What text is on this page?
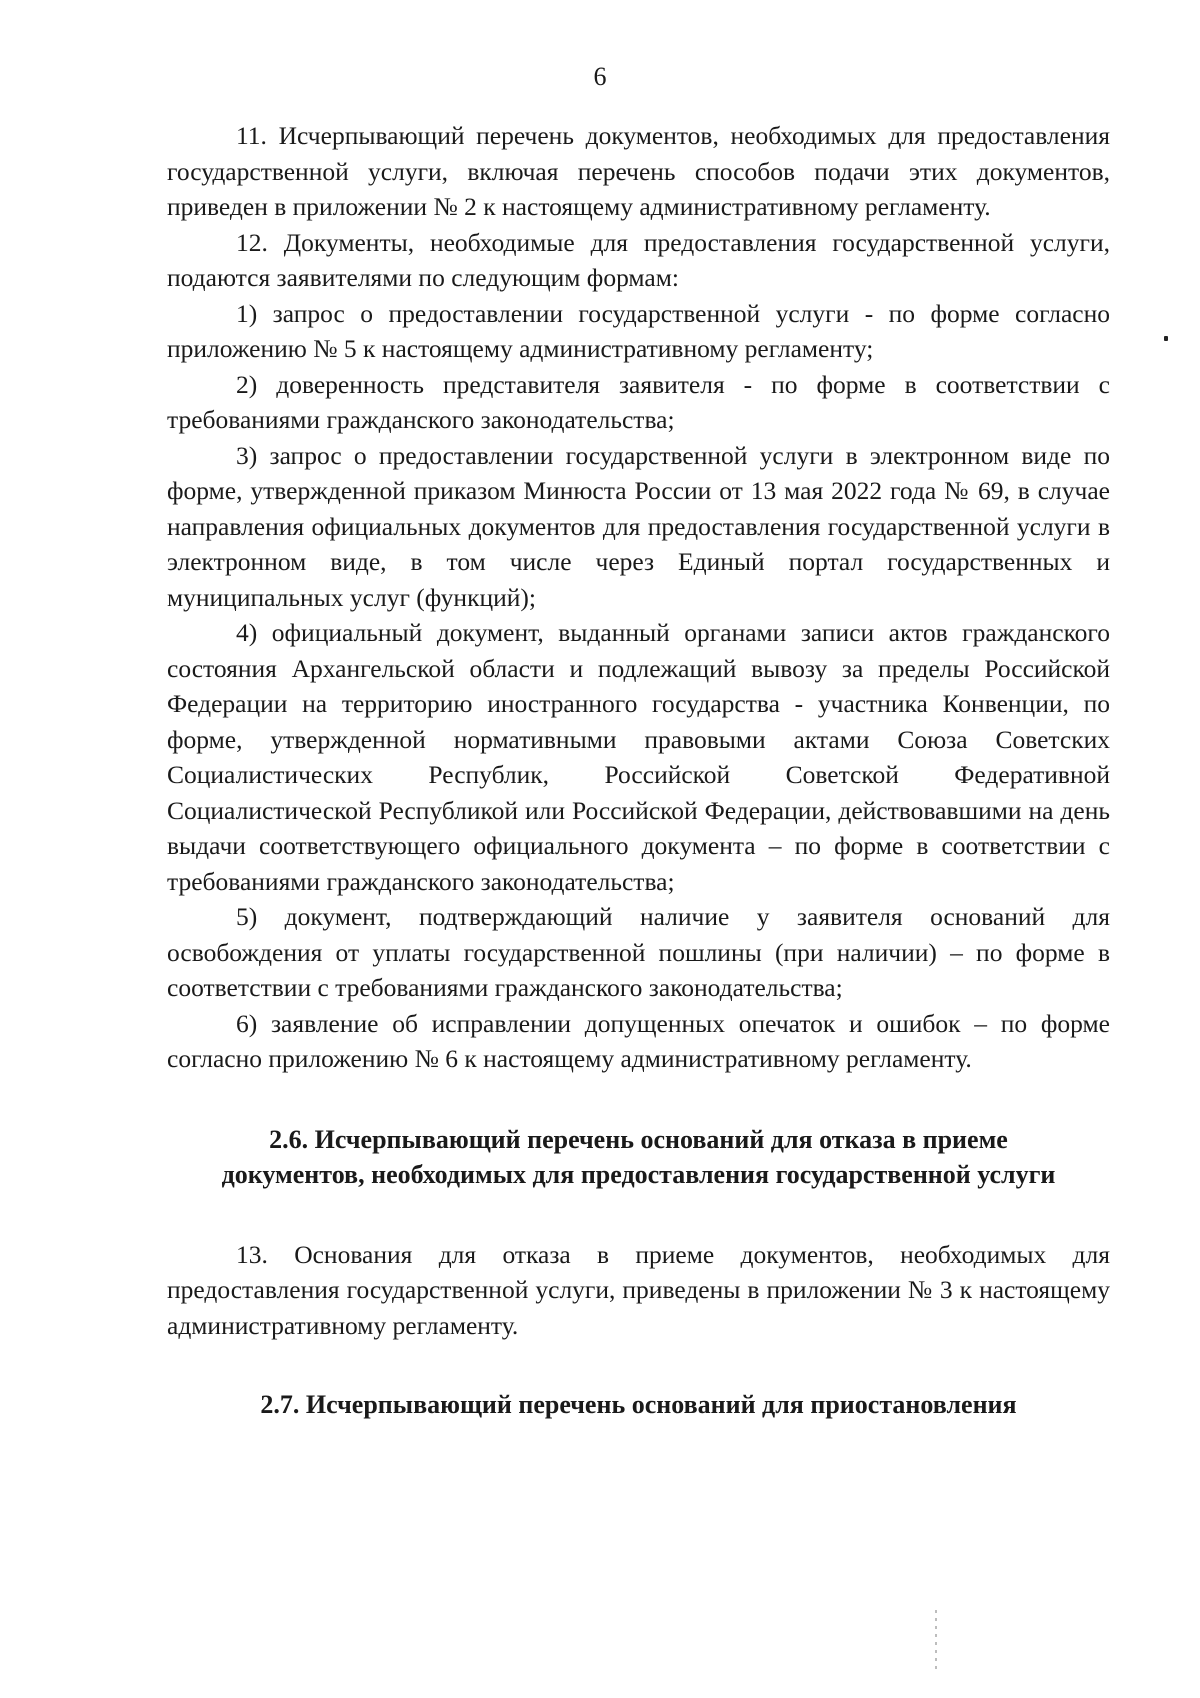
6

11. Исчерпывающий перечень документов, необходимых для предоставления государственной услуги, включая перечень способов подачи этих документов, приведен в приложении № 2 к настоящему административному регламенту.

12. Документы, необходимые для предоставления государственной услуги, подаются заявителями по следующим формам:

1) запрос о предоставлении государственной услуги - по форме согласно приложению № 5 к настоящему административному регламенту;

2) доверенность представителя заявителя - по форме в соответствии с требованиями гражданского законодательства;

3) запрос о предоставлении государственной услуги в электронном виде по форме, утвержденной приказом Минюста России от 13 мая 2022 года № 69, в случае направления официальных документов для предоставления государственной услуги в электронном виде, в том числе через Единый портал государственных и муниципальных услуг (функций);

4) официальный документ, выданный органами записи актов гражданского состояния Архангельской области и подлежащий вывозу за пределы Российской Федерации на территорию иностранного государства - участника Конвенции, по форме, утвержденной нормативными правовыми актами Союза Советских Социалистических Республик, Российской Советской Федеративной Социалистической Республикой или Российской Федерации, действовавшими на день выдачи соответствующего официального документа – по форме в соответствии с требованиями гражданского законодательства;

5) документ, подтверждающий наличие у заявителя оснований для освобождения от уплаты государственной пошлины (при наличии) – по форме в соответствии с требованиями гражданского законодательства;

6) заявление об исправлении допущенных опечаток и ошибок – по форме согласно приложению № 6 к настоящему административному регламенту.

2.6. Исчерпывающий перечень оснований для отказа в приеме
документов, необходимых для предоставления государственной услуги

13. Основания для отказа в приеме документов, необходимых для предоставления государственной услуги, приведены в приложении № 3 к настоящему административному регламенту.

2.7. Исчерпывающий перечень оснований для приостановления
